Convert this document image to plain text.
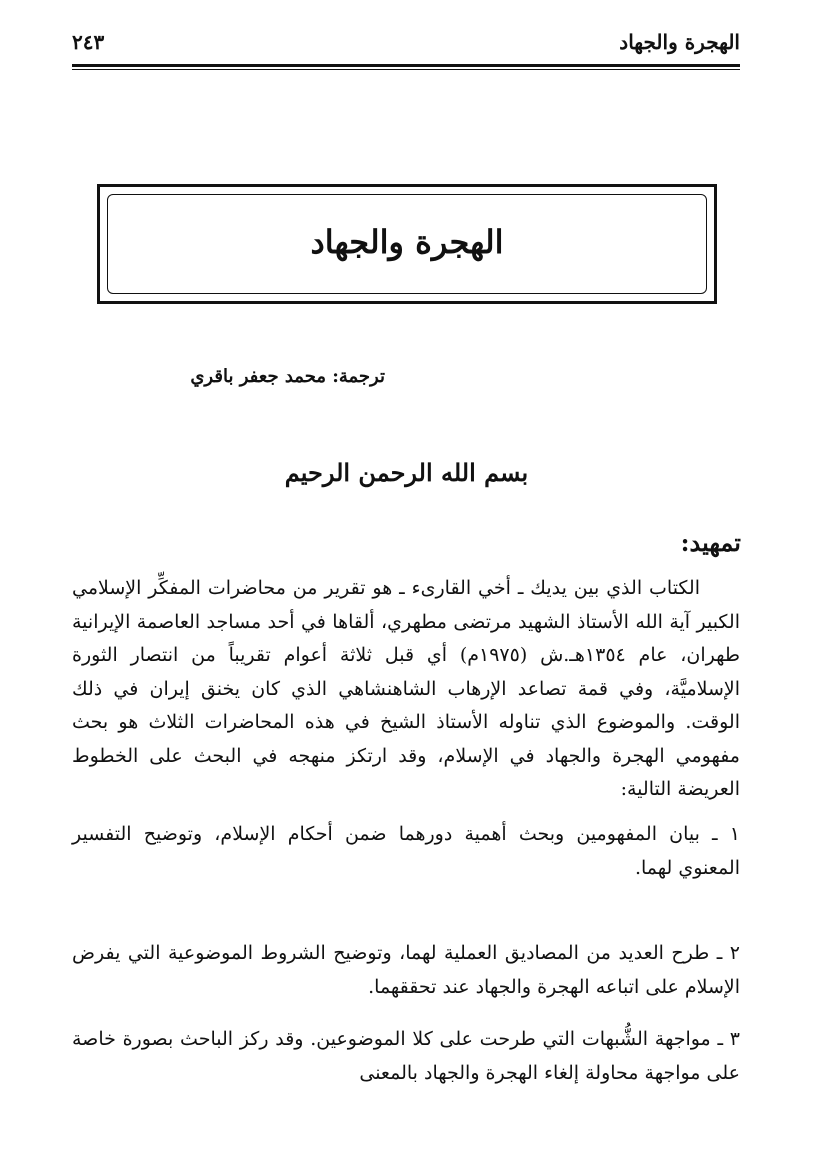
الهجرة والجهاد
٢٤٣
الهجرة والجهاد
ترجمة: محمد جعفر باقري
بسم الله الرحمن الرحيم
تمهيد:

الكتاب الذي بين يديك ـ أخي القارىء ـ هو تقرير من محاضرات المفكِّر الإسلامي الكبير آية الله الأستاذ الشهيد مرتضى مطهري، ألقاها في أحد مساجد العاصمة الإيرانية طهران، عام ١٣٥٤هـ.ش (١٩٧٥م) أي قبل ثلاثة أعوام تقريباً من انتصار الثورة الإسلاميَّة، وفي قمة تصاعد الإرهاب الشاهنشاهي الذي كان يخنق إيران في ذلك الوقت. والموضوع الذي تناوله الأستاذ الشيخ في هذه المحاضرات الثلاث هو بحث مفهومي الهجرة والجهاد في الإسلام، وقد ارتكز منهجه في البحث على الخطوط العريضة التالية:

١ ـ بيان المفهومين وبحث أهمية دورهما ضمن أحكام الإسلام، وتوضيح التفسير المعنوي لهما.

٢ ـ طرح العديد من المصاديق العملية لهما، وتوضيح الشروط الموضوعية التي يفرض الإسلام على اتباعه الهجرة والجهاد عند تحققهما.

٣ ـ مواجهة الشُّبهات التي طرحت على كلا الموضوعين. وقد ركز الباحث بصورة خاصة على مواجهة محاولة إلغاء الهجرة والجهاد بالمعنى
